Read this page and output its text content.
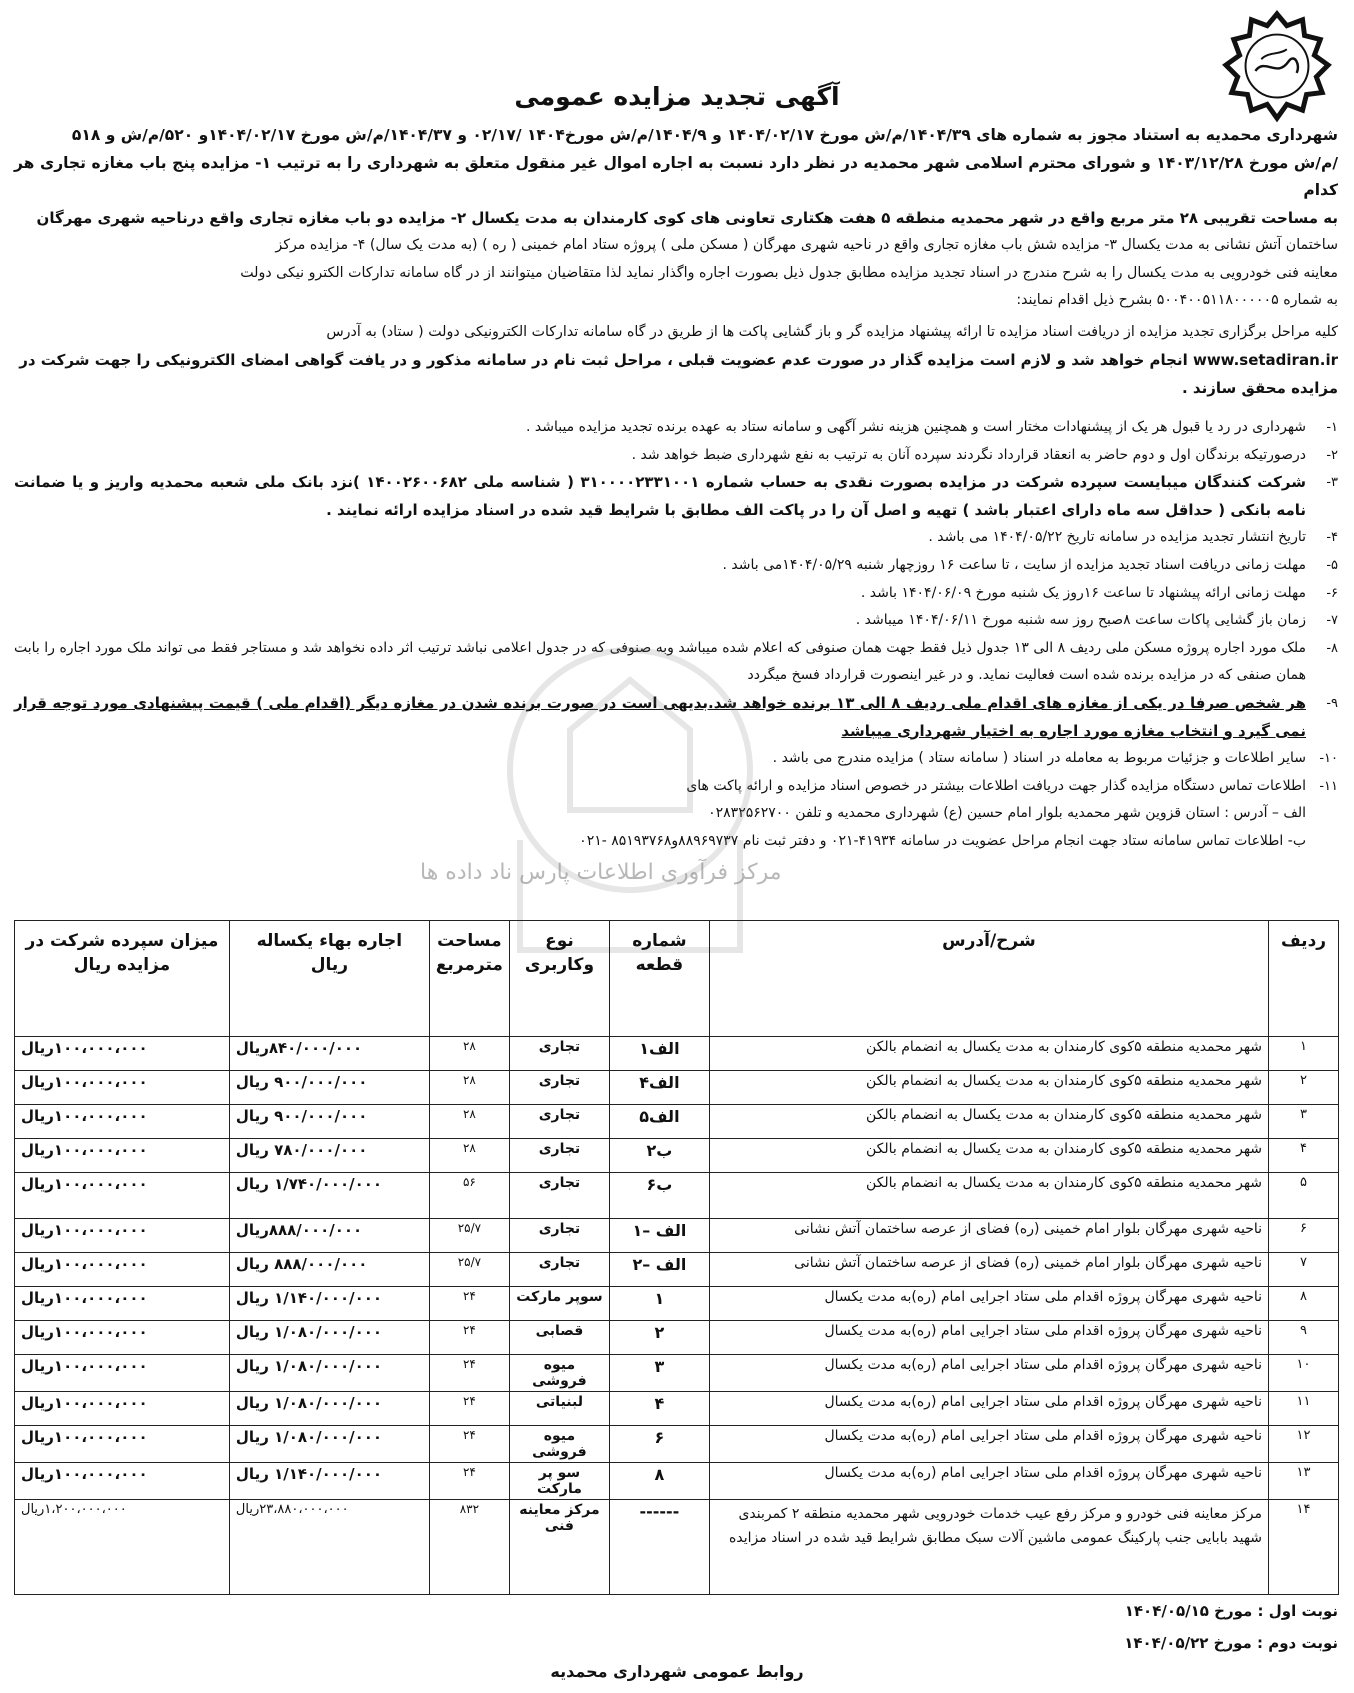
آگهی تجدید مزایده عمومی
شهرداری محمدیه به استناد مجوز به شماره های ۱۴۰۴/۳۹/م/ش مورخ ۱۴۰۴/۰۲/۱۷ و ۱۴۰۴/۹/م/ش مورخ۱۴۰۴ /۰۲/۱۷ و ۱۴۰۴/۳۷/م/ش مورخ ۱۴۰۴/۰۲/۱۷و ۵۲۰/م/ش و ۵۱۸
/م/ش مورخ ۱۴۰۳/۱۲/۲۸ و شورای محترم اسلامی شهر محمدیه در نظر دارد نسبت به اجاره اموال غیر منقول متعلق به شهرداری را به ترتیب ۱- مزایده پنج باب مغازه تجاری هر کدام
به مساحت تقریبی ۲۸ متر مربع واقع در شهر محمدیه منطقه ۵ هفت هکتاری تعاونی های کوی کارمندان به مدت یکسال ۲- مزایده دو باب مغازه تجاری واقع درناحیه شهری مهرگان
ساختمان آتش نشانی به مدت یکسال ۳- مزایده شش باب مغازه تجاری واقع در ناحیه شهری مهرگان ( مسکن ملی ) پروژه ستاد امام خمینی ( ره ) (به مدت یک سال) ۴- مزایده مرکز
معاینه فنی خودرویی به مدت یکسال را به شرح مندرج در اسناد تجدید مزایده مطابق جدول ذیل بصورت اجاره واگذار نماید لذا متقاضیان میتوانند از در گاه سامانه تدارکات الکترو نیکی دولت
به شماره ۵۰۰۴۰۰۵۱۱۸۰۰۰۰۰۵ بشرح ذیل اقدام نمایند:
کلیه مراحل برگزاری تجدید مزایده از دریافت اسناد مزایده تا ارائه پیشنهاد مزایده گر و باز گشایی پاکت ها از طریق در گاه سامانه تدارکات الکترونیکی دولت ( ستاد) به آدرس
www.setadiran.ir انجام خواهد شد و لازم است مزایده گذار در صورت عدم عضویت قبلی ، مراحل ثبت نام در سامانه مذکور و در یافت گواهی امضای الکترونیکی را جهت شرکت در
مزایده محقق سازند .
۱-
شهرداری در رد یا قبول هر یک از پیشنهادات مختار است و همچنین هزینه نشر آگهی و سامانه ستاد به عهده برنده تجدید مزایده میباشد .
۲-
درصورتیکه برندگان اول و دوم حاضر به انعقاد قرارداد نگردند سپرده آنان به ترتیب به نفع شهرداری ضبط خواهد شد .
۳-
شرکت کنندگان میبایست سپرده شرکت در مزایده بصورت نقدی به حساب شماره ۳۱۰۰۰۰۲۳۳۱۰۰۱ ( شناسه ملی ۱۴۰۰۲۶۰۰۶۸۲ )نزد بانک ملی شعبه محمدیه واریز و یا ضمانت نامه بانکی ( حداقل سه ماه دارای اعتبار باشد ) تهیه و اصل آن را در پاکت الف مطابق با شرایط قید شده در اسناد مزایده ارائه نمایند .
۴-
تاریخ انتشار تجدید مزایده در سامانه تاریخ ۱۴۰۴/۰۵/۲۲ می باشد .
۵-
مهلت زمانی دریافت اسناد تجدید مزایده از سایت ، تا ساعت ۱۶ روزچهار شنبه ۱۴۰۴/۰۵/۲۹می باشد .
۶-
مهلت زمانی ارائه پیشنهاد تا ساعت ۱۶روز یک شنبه مورخ ۱۴۰۴/۰۶/۰۹ باشد .
۷-
زمان باز گشایی پاکات ساعت ۸صبح روز سه شنبه مورخ ۱۴۰۴/۰۶/۱۱ میباشد .
۸-
ملک مورد اجاره پروژه مسکن ملی ردیف ۸ الی ۱۳ جدول ذیل فقط جهت همان صنوفی که اعلام شده میباشد وبه صنوفی که در جدول اعلامی نباشد ترتیب اثر داده نخواهد شد و مستاجر فقط می تواند ملک مورد اجاره را بابت همان صنفی که در مزایده برنده شده است فعالیت نماید. و در غیر اینصورت قرارداد فسخ میگردد
۹-
هر شخص صرفا در یکی از مغازه های اقدام ملی ردیف ۸ الی ۱۳ برنده خواهد شد.بدیهی است در صورت برنده شدن در مغازه دیگر (اقدام ملی ) قیمت پیشنهادی مورد توجه قرار نمی گیرد و انتخاب مغازه مورد اجاره به اختیار شهرداری میباشد
۱۰-
سایر اطلاعات و جزئیات مربوط به معامله در اسناد ( سامانه ستاد ) مزایده مندرج می باشد .
۱۱-
اطلاعات تماس دستگاه مزایده گذار جهت دریافت اطلاعات بیشتر در خصوص اسناد مزایده و ارائه پاکت های
الف – آدرس : استان قزوین شهر محمدیه بلوار امام حسین (ع) شهرداری محمدیه و تلفن ۰۲۸۳۲۵۶۲۷۰۰
ب- اطلاعات تماس سامانه ستاد جهت انجام مراحل عضویت در سامانه ۴۱۹۳۴-۰۲۱ و دفتر ثبت نام ۸۸۹۶۹۷۳۷و۸۵۱۹۳۷۶۸ -۰۲۱
مرکز فرآوری اطلاعات پارس ناد داده ها
ردیف	شرح/آدرس	شماره قطعه	نوع وکاربری	مساحت مترمربع	اجاره بهاء یکساله ریال	میزان سپرده شرکت در مزایده ریال
۱	شهر محمدیه منطقه ۵کوی کارمندان به مدت یکسال به انضمام بالکن	الف۱	تجاری	۲۸	۸۴۰/۰۰۰/۰۰۰ریال	۱۰۰،۰۰۰،۰۰۰ریال
۲	شهر محمدیه منطقه ۵کوی کارمندان به مدت یکسال به انضمام بالکن	الف۴	تجاری	۲۸	۹۰۰/۰۰۰/۰۰۰ ریال	۱۰۰،۰۰۰،۰۰۰ریال
۳	شهر محمدیه منطقه ۵کوی کارمندان به مدت یکسال به انضمام بالکن	الف۵	تجاری	۲۸	۹۰۰/۰۰۰/۰۰۰ ریال	۱۰۰،۰۰۰،۰۰۰ریال
۴	شهر محمدیه منطقه ۵کوی کارمندان به مدت یکسال به انضمام بالکن	ب۲	تجاری	۲۸	۷۸۰/۰۰۰/۰۰۰ ریال	۱۰۰،۰۰۰،۰۰۰ریال
۵	شهر محمدیه منطقه ۵کوی کارمندان به مدت یکسال به انضمام بالکن	ب۶	تجاری	۵۶	۱/۷۴۰/۰۰۰/۰۰۰ ریال	۱۰۰،۰۰۰،۰۰۰ریال
۶	ناحیه شهری مهرگان بلوار امام خمینی (ره) فضای از عرصه ساختمان آتش نشانی	الف –۱	تجاری	۲۵/۷	۸۸۸/۰۰۰/۰۰۰ریال	۱۰۰،۰۰۰،۰۰۰ریال
۷	ناحیه شهری مهرگان بلوار امام خمینی (ره) فضای از عرصه ساختمان آتش نشانی	الف –۲	تجاری	۲۵/۷	۸۸۸/۰۰۰/۰۰۰ ریال	۱۰۰،۰۰۰،۰۰۰ریال
۸	ناحیه شهری مهرگان پروژه اقدام ملی ستاد اجرایی امام (ره)به مدت یکسال	۱	سوپر مارکت	۲۴	۱/۱۴۰/۰۰۰/۰۰۰ ریال	۱۰۰،۰۰۰،۰۰۰ریال
۹	ناحیه شهری مهرگان پروژه اقدام ملی ستاد اجرایی امام (ره)به مدت یکسال	۲	قصابی	۲۴	۱/۰۸۰/۰۰۰/۰۰۰ ریال	۱۰۰،۰۰۰،۰۰۰ریال
۱۰	ناحیه شهری مهرگان پروژه اقدام ملی ستاد اجرایی امام (ره)به مدت یکسال	۳	میوه فروشی	۲۴	۱/۰۸۰/۰۰۰/۰۰۰ ریال	۱۰۰،۰۰۰،۰۰۰ریال
۱۱	ناحیه شهری مهرگان پروژه اقدام ملی ستاد اجرایی امام (ره)به مدت یکسال	۴	لبنیاتی	۲۴	۱/۰۸۰/۰۰۰/۰۰۰ ریال	۱۰۰،۰۰۰،۰۰۰ریال
۱۲	ناحیه شهری مهرگان پروژه اقدام ملی ستاد اجرایی امام (ره)به مدت یکسال	۶	میوه فروشی	۲۴	۱/۰۸۰/۰۰۰/۰۰۰ ریال	۱۰۰،۰۰۰،۰۰۰ریال
۱۳	ناحیه شهری مهرگان پروژه اقدام ملی ستاد اجرایی امام (ره)به مدت یکسال	۸	سو پر مارکت	۲۴	۱/۱۴۰/۰۰۰/۰۰۰ ریال	۱۰۰،۰۰۰،۰۰۰ریال
۱۴	مرکز معاینه فنی خودرو و مرکز رفع عیب خدمات خودرویی شهر محمدیه منطقه ۲ کمربندی شهید بابایی جنب پارکینگ عمومی ماشین آلات سبک مطابق شرایط قید شده در اسناد مزایده	------	مرکز معاینه فنی	۸۳۲	۲۳،۸۸۰،۰۰۰،۰۰۰ریال	۱،۲۰۰،۰۰۰،۰۰۰ریال
نوبت اول : مورخ ۱۴۰۴/۰۵/۱۵
نوبت دوم : مورخ ۱۴۰۴/۰۵/۲۲
روابط عمومی شهرداری محمدیه
